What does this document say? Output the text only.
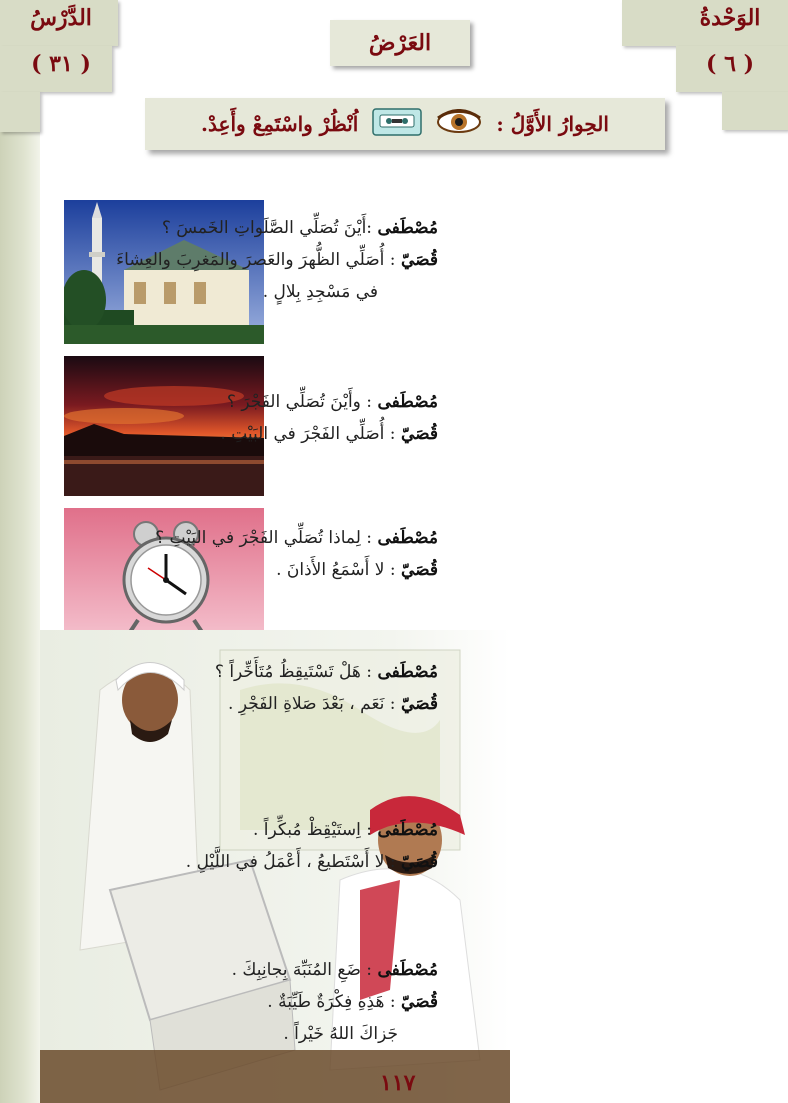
الدَّرْسُ
( ٣١ )
الوَحْدةُ
( ٦ )
العَرْضُ
الحِوارُ الأَوَّلُ :
اُنْظُرْ واسْتَمِعْ وأَعِدْ.
مُصْطَفى :أَيْنَ تُصَلِّي الصَّلَواتِ الخَمسَ ؟
قُصَيّ : أُصَلِّي الظُّهرَ والعَصرَ والمَغرِبَ والعِشاءَ
في مَسْجِدِ بِلالٍ .
مُصْطَفى : وأَيْنَ تُصَلِّي الفَجْرَ ؟
قُصَيّ : أُصَلِّي الفَجْرَ في البَيْتِ .
مُصْطَفى : لِماذا تُصَلِّي الفَجْرَ في البَيْتِ ؟
قُصَيّ : لا أَسْمَعُ الأَذانَ .
مُصْطَفى : هَلْ تَسْتَيقِظُ مُتَأَخِّراً ؟
قُصَيّ : نَعَم ، بَعْدَ صَلاةِ الفَجْرِ .
مُصْطَفى : اِستَيْقِظْ مُبكِّراً .
قُصَيّ : لا أَسْتَطيعُ ، أَعْمَلُ في اللَّيْلِ .
مُصْطَفى : ضَعِ المُنَبِّهَ بِجانِبِكَ .
قُصَيّ : هَذِهِ فِكْرَةٌ طَيِّبَةٌ .
جَزاكَ اللهُ خَيْراً .
١١٧
